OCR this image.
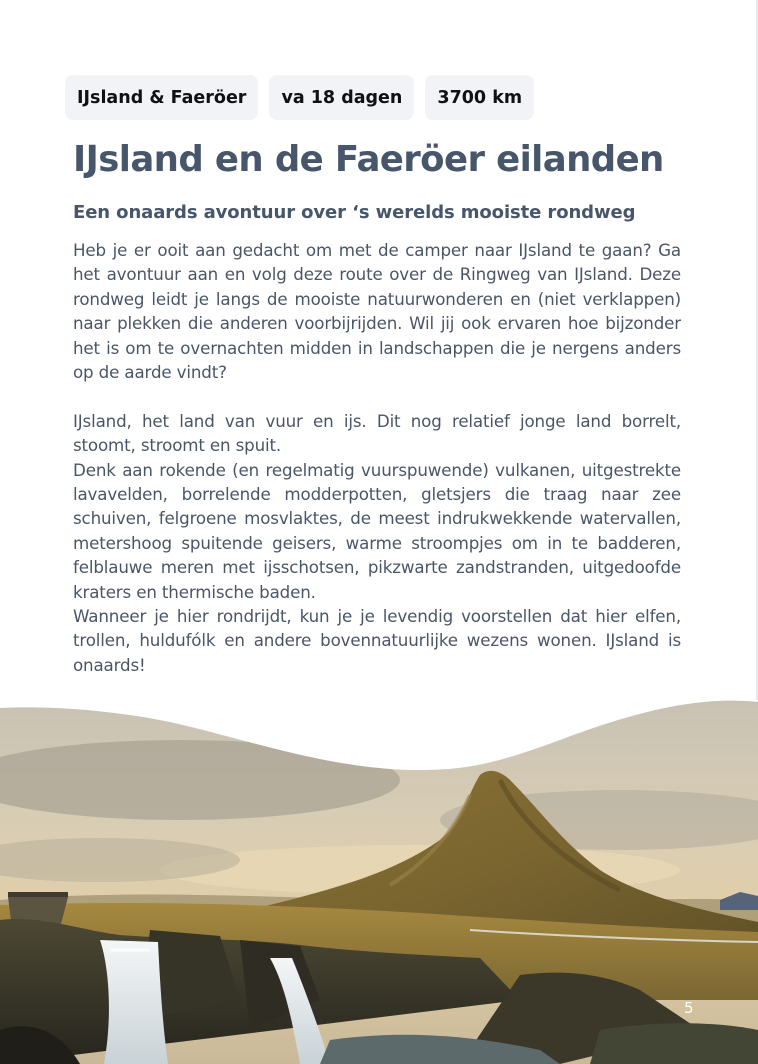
IJsland & Faeröer	va 18 dagen	3700 km
IJsland en de Faeröer eilanden
Een onaards avontuur over ‘s werelds mooiste rondweg

Heb je er ooit aan gedacht om met de camper naar IJsland te gaan? Ga het avontuur aan en volg deze route over de Ringweg van IJsland. Deze rondweg leidt je langs de mooiste natuurwonderen en (niet verklappen) naar plekken die anderen voorbijrijden. Wil jij ook ervaren hoe bijzonder het is om te overnachten midden in landschappen die je nergens anders op de aarde vindt?

IJsland, het land van vuur en ijs. Dit nog relatief jonge land borrelt, stoomt, stroomt en spuit.

Denk aan rokende (en regelmatig vuurspuwende) vulkanen, uitgestrekte lavavelden, borrelende modderpotten, gletsjers die traag naar zee schuiven, felgroene mosvlaktes, de meest indrukwekkende watervallen, metershoog spuitende geisers, warme stroompjes om in te badderen, felblauwe meren met ijsschotsen, pikzwarte zandstranden, uitgedoofde kraters en thermische baden.

Wanneer je hier rondrijdt, kun je je levendig voorstellen dat hier elfen, trollen, huldufólk en andere bovennatuurlijke wezens wonen. IJsland is onaards!

5
